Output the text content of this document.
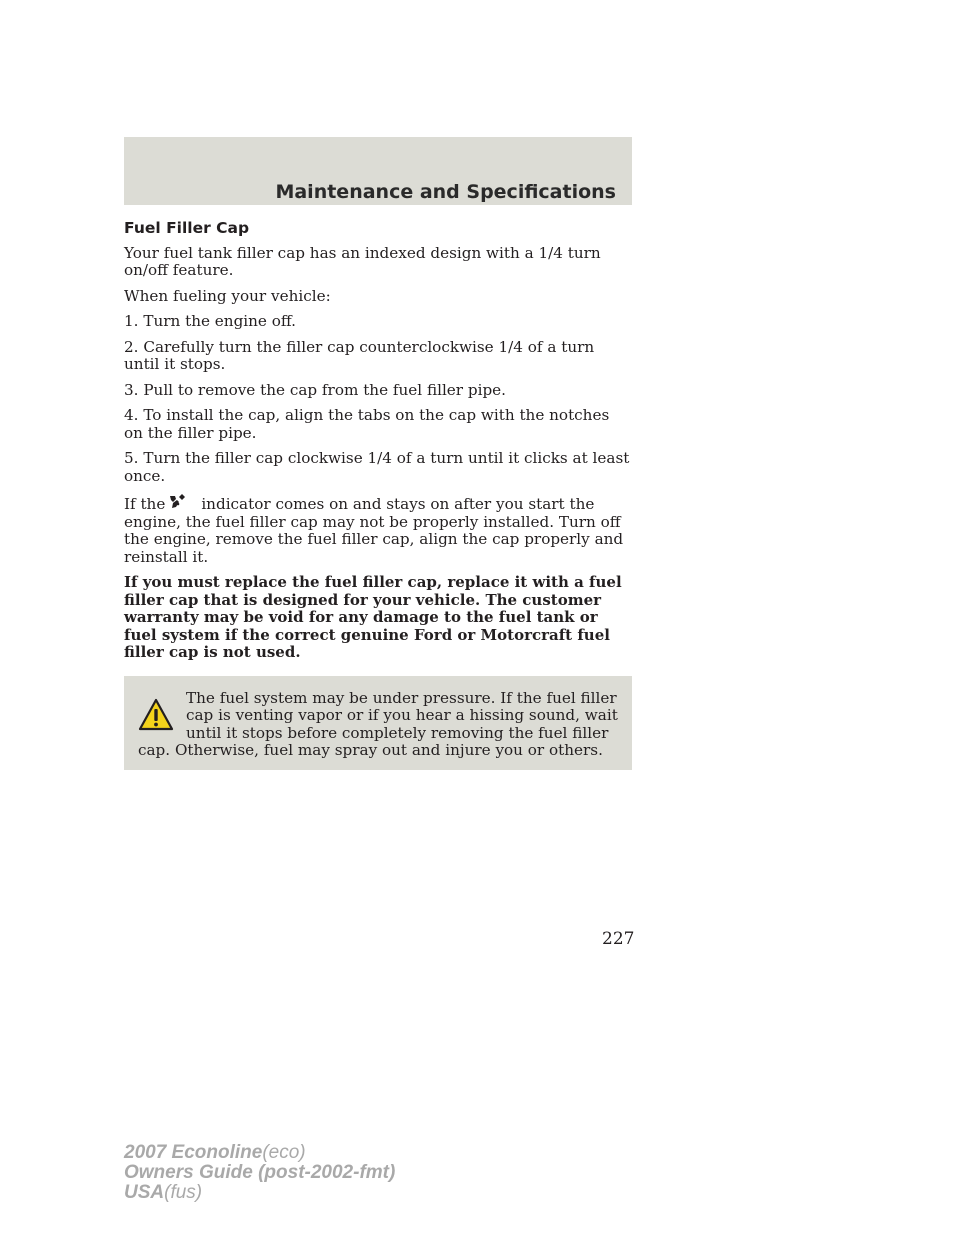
Maintenance and Specifications
Fuel Filler Cap

Your fuel tank filler cap has an indexed design with a 1/4 turn on/off feature.

When fueling your vehicle:

1. Turn the engine off.

2. Carefully turn the filler cap counterclockwise 1/4 of a turn until it stops.

3. Pull to remove the cap from the fuel filler pipe.

4. To install the cap, align the tabs on the cap with the notches on the filler pipe.

5. Turn the filler cap clockwise 1/4 of a turn until it clicks at least once.

If the indicator comes on and stays on after you start the engine, the fuel filler cap may not be properly installed. Turn off the engine, remove the fuel filler cap, align the cap properly and reinstall it.

If you must replace the fuel filler cap, replace it with a fuel filler cap that is designed for your vehicle. The customer warranty may be void for any damage to the fuel tank or fuel system if the correct genuine Ford or Motorcraft fuel filler cap is not used.

The fuel system may be under pressure. If the fuel filler cap is venting vapor or if you hear a hissing sound, wait until it stops before completely removing the fuel filler cap. Otherwise, fuel may spray out and injure you or others.
227
2007 Econoline(eco)
Owners Guide (post-2002-fmt)
USA(fus)
